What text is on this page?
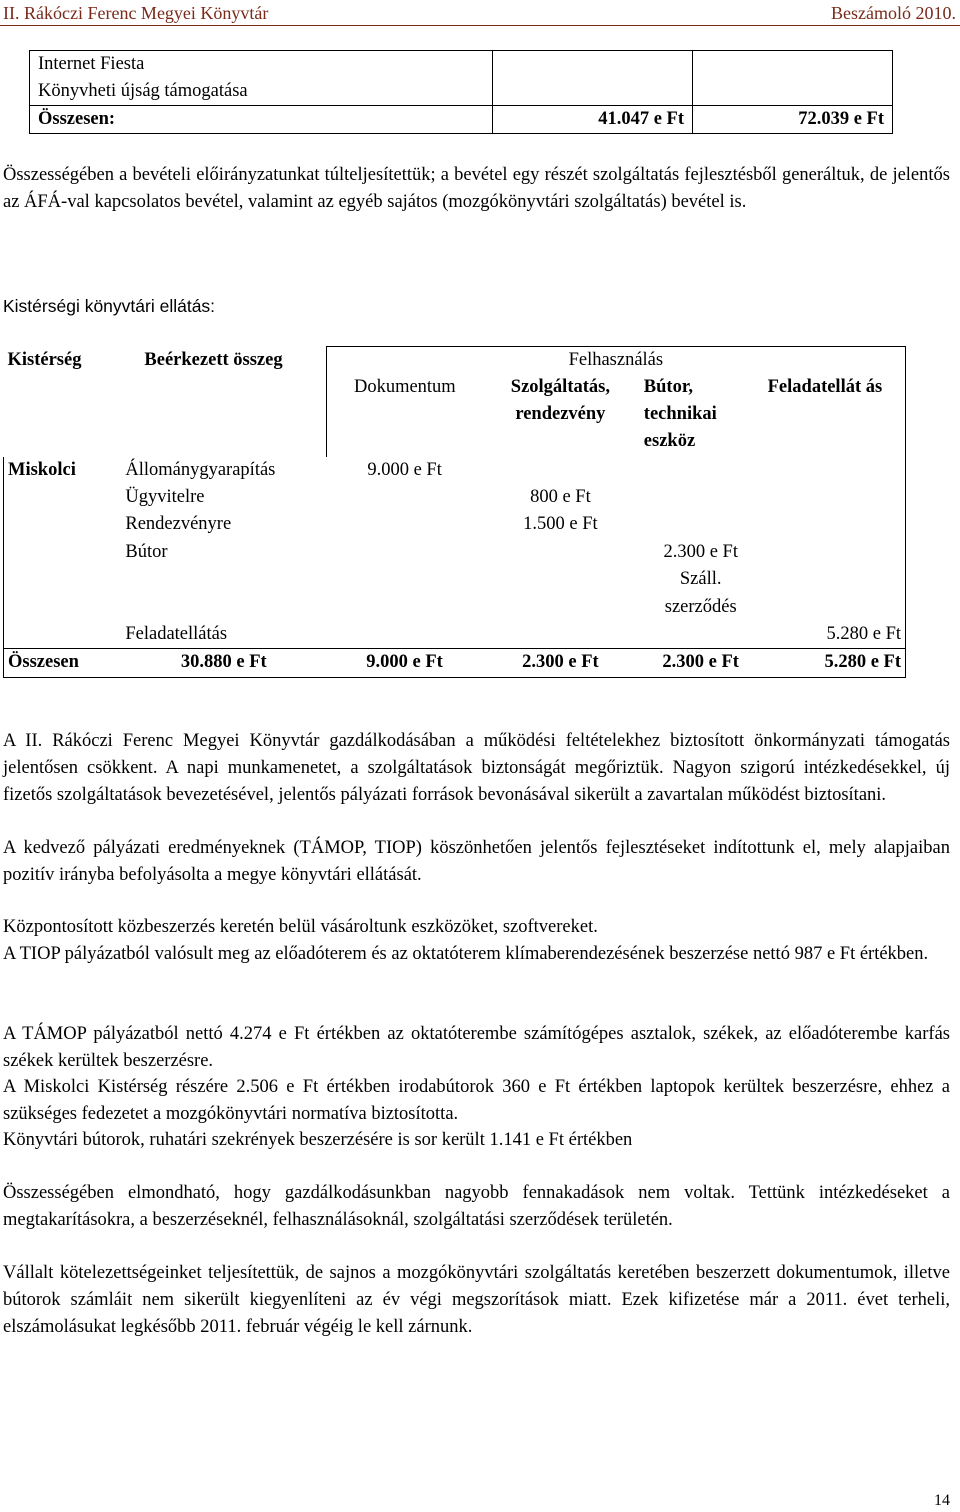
II. Rákóczi Ferenc Megyei Könyvtár	Beszámoló 2010.
Internet Fiesta
Könyvheti újság támogatása		
Összesen:	41.047 e Ft	72.039 e Ft

Összességében a bevételi előirányzatunkat túlteljesítettük; a bevétel egy részét szolgáltatás fejlesztésből generáltuk, de jelentős az ÁFÁ-val kapcsolatos bevétel, valamint az egyéb sajátos (mozgókönyvtári szolgáltatás) bevétel is.

Kistérségi könyvtári ellátás:
Kistérség	Beérkezett összeg	Felhasználás			
		Dokumentum	Szolgáltatás, rendezvény	Bútor, technikai eszköz	Feladatellát ás
Miskolci	Állománygyarapítás	9.000 e Ft			
	Ügyvitelre		800 e Ft		
	Rendezvényre		1.500 e Ft		
	Bútor			2.300 e Ft	
				Száll.	
				szerződés	
	Feladatellátás				5.280 e Ft
Összesen	30.880 e Ft	9.000 e Ft	2.300 e Ft	2.300 e Ft	5.280 e Ft

A II. Rákóczi Ferenc Megyei Könyvtár gazdálkodásában a működési feltételekhez biztosított önkormányzati támogatás jelentősen csökkent. A napi munkamenetet, a szolgáltatások biztonságát megőriztük. Nagyon szigorú intézkedésekkel, új fizetős szolgáltatások bevezetésével, jelentős pályázati források bevonásával sikerült a zavartalan működést biztosítani.

A kedvező pályázati eredményeknek (TÁMOP, TIOP) köszönhetően jelentős fejlesztéseket indítottunk el, mely alapjaiban pozitív irányba befolyásolta a megye könyvtári ellátását.

Központosított közbeszerzés keretén belül vásároltunk eszközöket, szoftvereket.

A TIOP pályázatból valósult meg az előadóterem és az oktatóterem klímaberendezésének beszerzése nettó 987 e Ft értékben.

A TÁMOP pályázatból nettó 4.274 e Ft értékben az oktatóterembe számítógépes asztalok, székek, az előadóterembe karfás székek kerültek beszerzésre.

A Miskolci Kistérség részére 2.506 e Ft értékben irodabútorok 360 e Ft értékben laptopok kerültek beszerzésre, ehhez a szükséges fedezetet a mozgókönyvtári normatíva biztosította.

Könyvtári bútorok, ruhatári szekrények beszerzésére is sor került 1.141 e Ft értékben

Összességében elmondható, hogy gazdálkodásunkban nagyobb fennakadások nem voltak. Tettünk intézkedéseket a megtakarításokra, a beszerzéseknél, felhasználásoknál, szolgáltatási szerződések területén.

Vállalt kötelezettségeinket teljesítettük, de sajnos a mozgókönyvtári szolgáltatás keretében beszerzett dokumentumok, illetve bútorok számláit nem sikerült kiegyenlíteni az év végi megszorítások miatt. Ezek kifizetése már a 2011. évet terheli, elszámolásukat legkésőbb 2011. február végéig le kell zárnunk.

14
